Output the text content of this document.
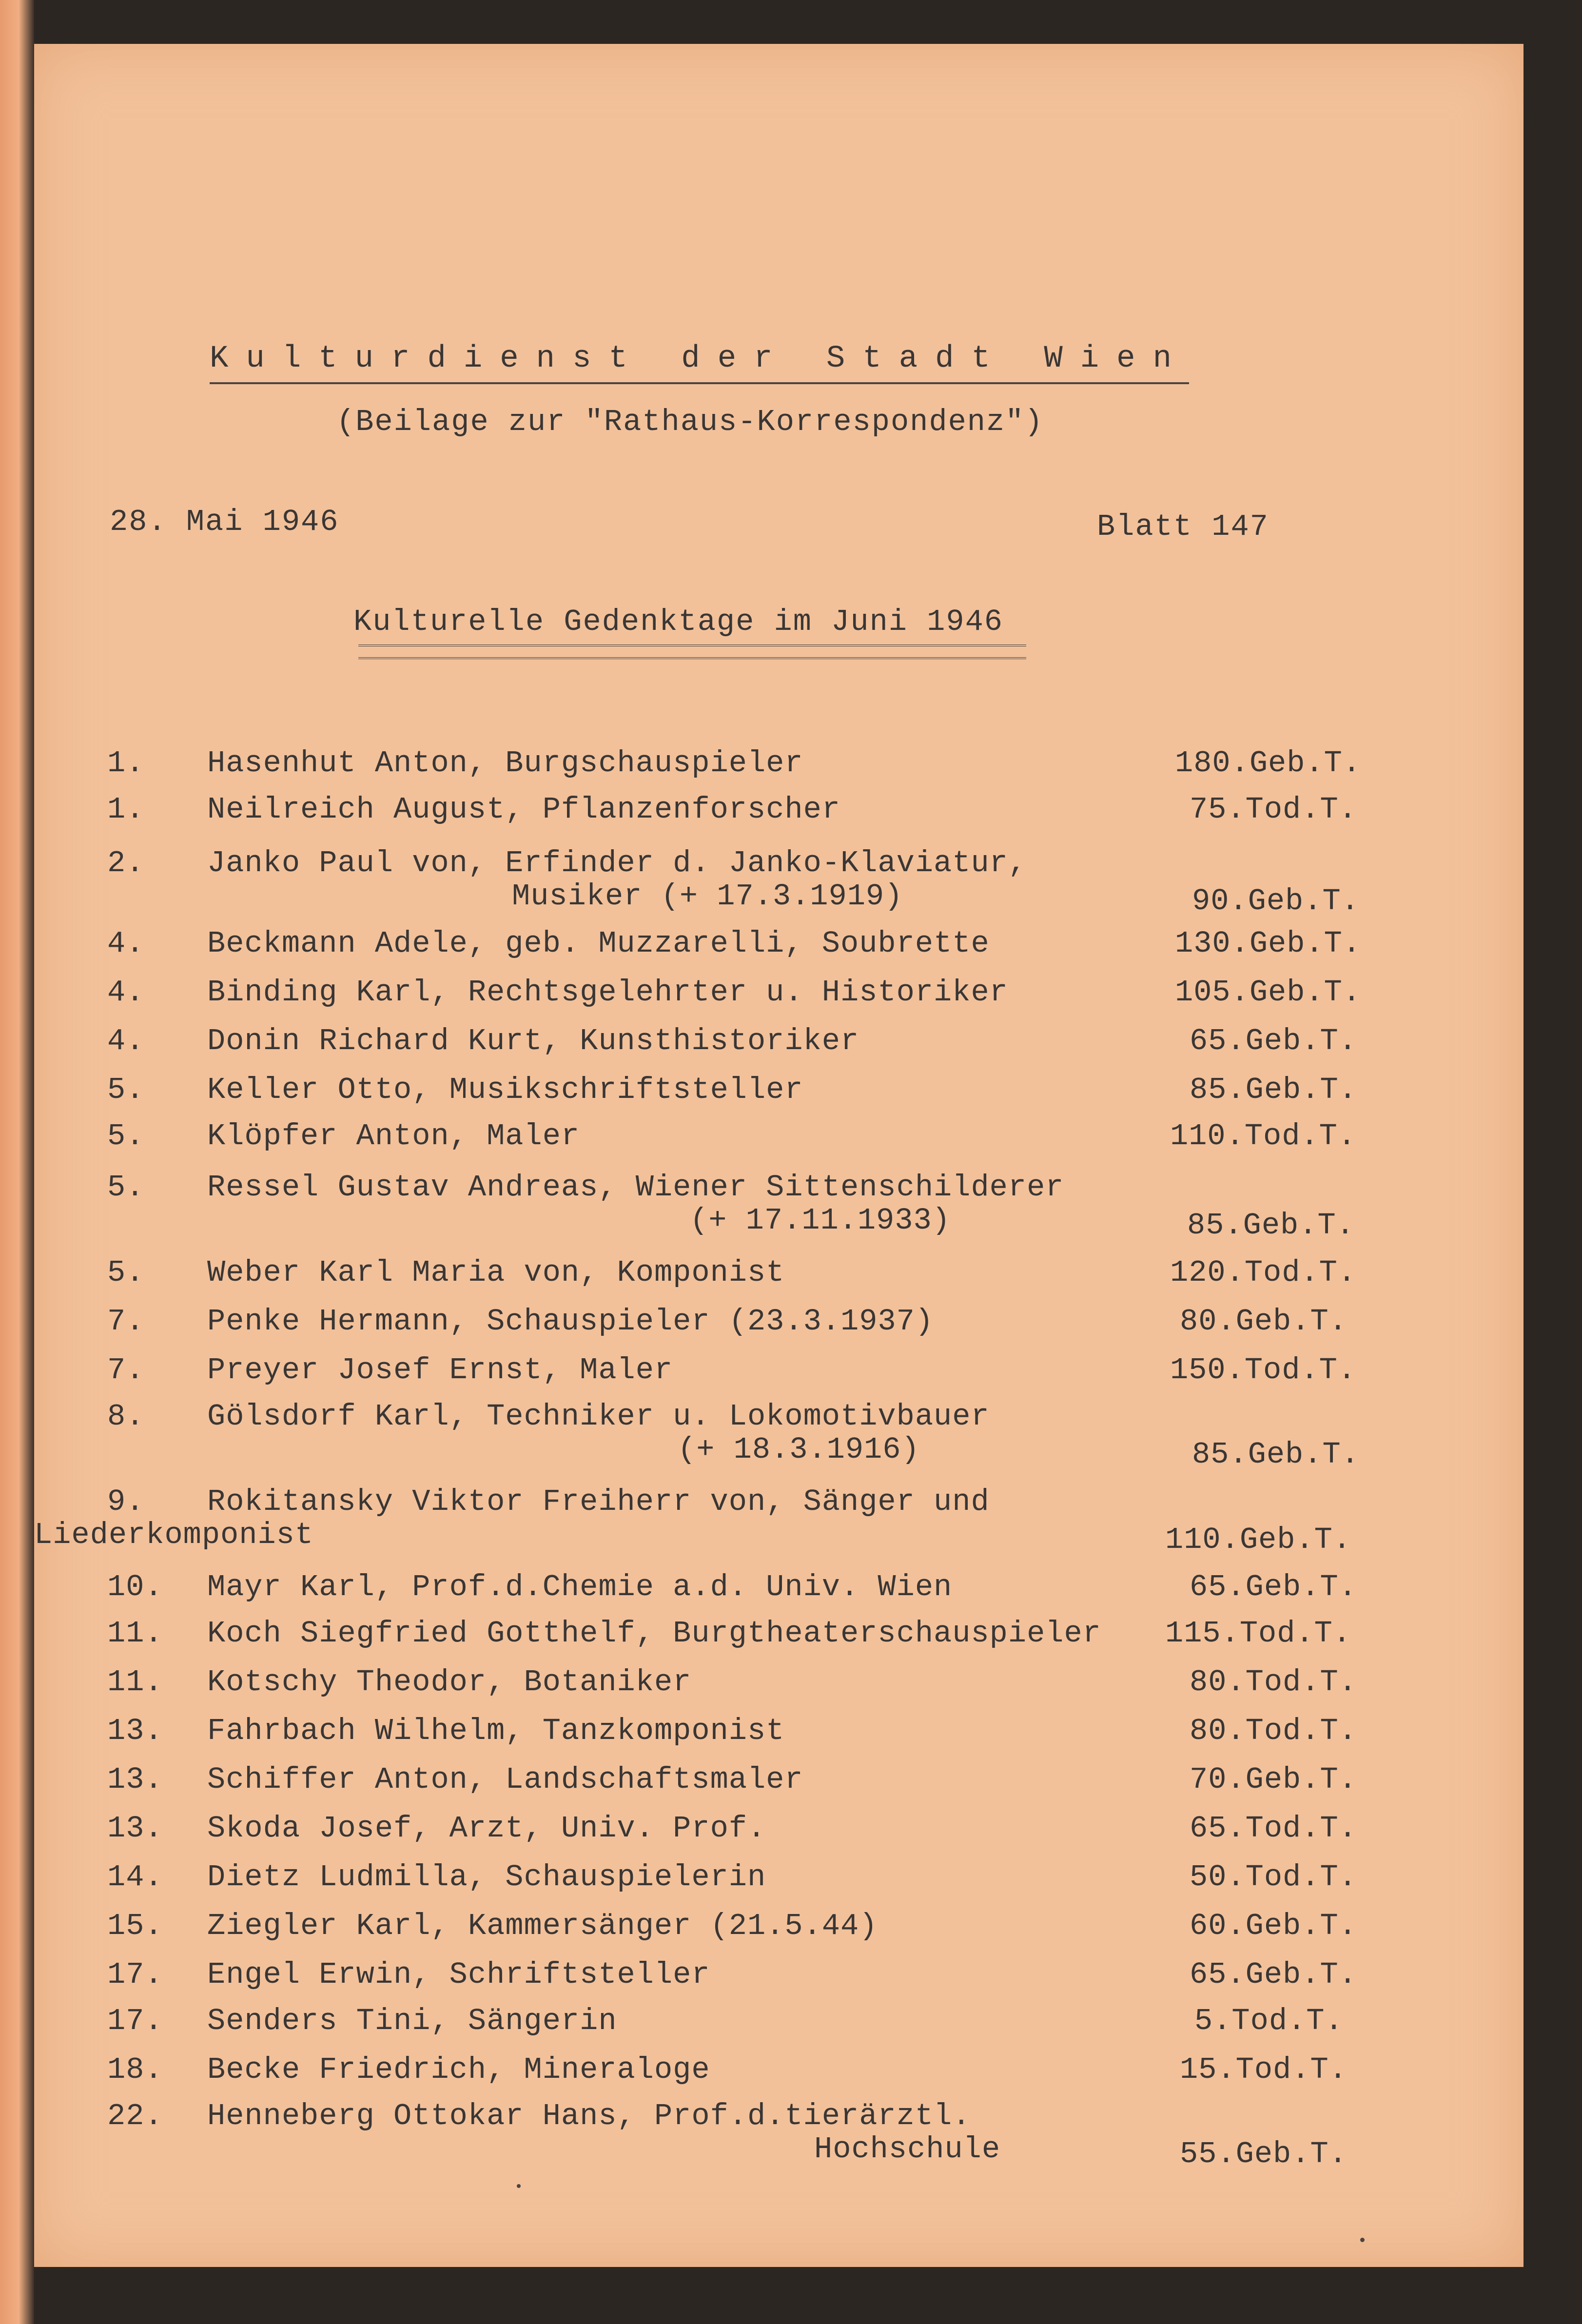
Kulturdienst der Stadt Wien
(Beilage zur "Rathaus-Korrespondenz")
28. Mai 1946	Blatt 147
Kulturelle Gedenktage im Juni 1946
1. Hasenhut Anton, Burgschauspieler	180.Geb.T.
1. Neilreich August, Pflanzenforscher	75.Tod.T.
2. Janko Paul von, Erfinder d. Janko-Klaviatur,
Musiker (+ 17.3.1919)	90.Geb.T.
4. Beckmann Adele, geb. Muzzarelli, Soubrette	130.Geb.T.
4. Binding Karl, Rechtsgelehrter u. Historiker	105.Geb.T.
4. Donin Richard Kurt, Kunsthistoriker	65.Geb.T.
5. Keller Otto, Musikschriftsteller	85.Geb.T.
5. Klöpfer Anton, Maler	110.Tod.T.
5. Ressel Gustav Andreas, Wiener Sittenschilderer
(+ 17.11.1933)	85.Geb.T.
5. Weber Karl Maria von, Komponist	120.Tod.T.
7. Penke Hermann, Schauspieler (23.3.1937)	80.Geb.T.
7. Preyer Josef Ernst, Maler	150.Tod.T.
8. Gölsdorf Karl, Techniker u. Lokomotivbauer
(+ 18.3.1916)	85.Geb.T.
9. Rokitansky Viktor Freiherr von, Sänger und
Liederkomponist	110.Geb.T.
10. Mayr Karl, Prof.d.Chemie a.d. Univ. Wien	65.Geb.T.
11. Koch Siegfried Gotthelf, Burgtheaterschauspieler 115.Tod.T.
11. Kotschy Theodor, Botaniker	80.Tod.T.
13. Fahrbach Wilhelm, Tanzkomponist	80.Tod.T.
13. Schiffer Anton, Landschaftsmaler	70.Geb.T.
13. Skoda Josef, Arzt, Univ. Prof.	65.Tod.T.
14. Dietz Ludmilla, Schauspielerin	50.Tod.T.
15. Ziegler Karl, Kammersänger (21.5.44)	60.Geb.T.
17. Engel Erwin, Schriftsteller	65.Geb.T.
17. Senders Tini, Sängerin	5.Tod.T.
18. Becke Friedrich, Mineraloge	15.Tod.T.
22. Henneberg Ottokar Hans, Prof.d.tierärztl.
Hochschule	55.Geb.T.
